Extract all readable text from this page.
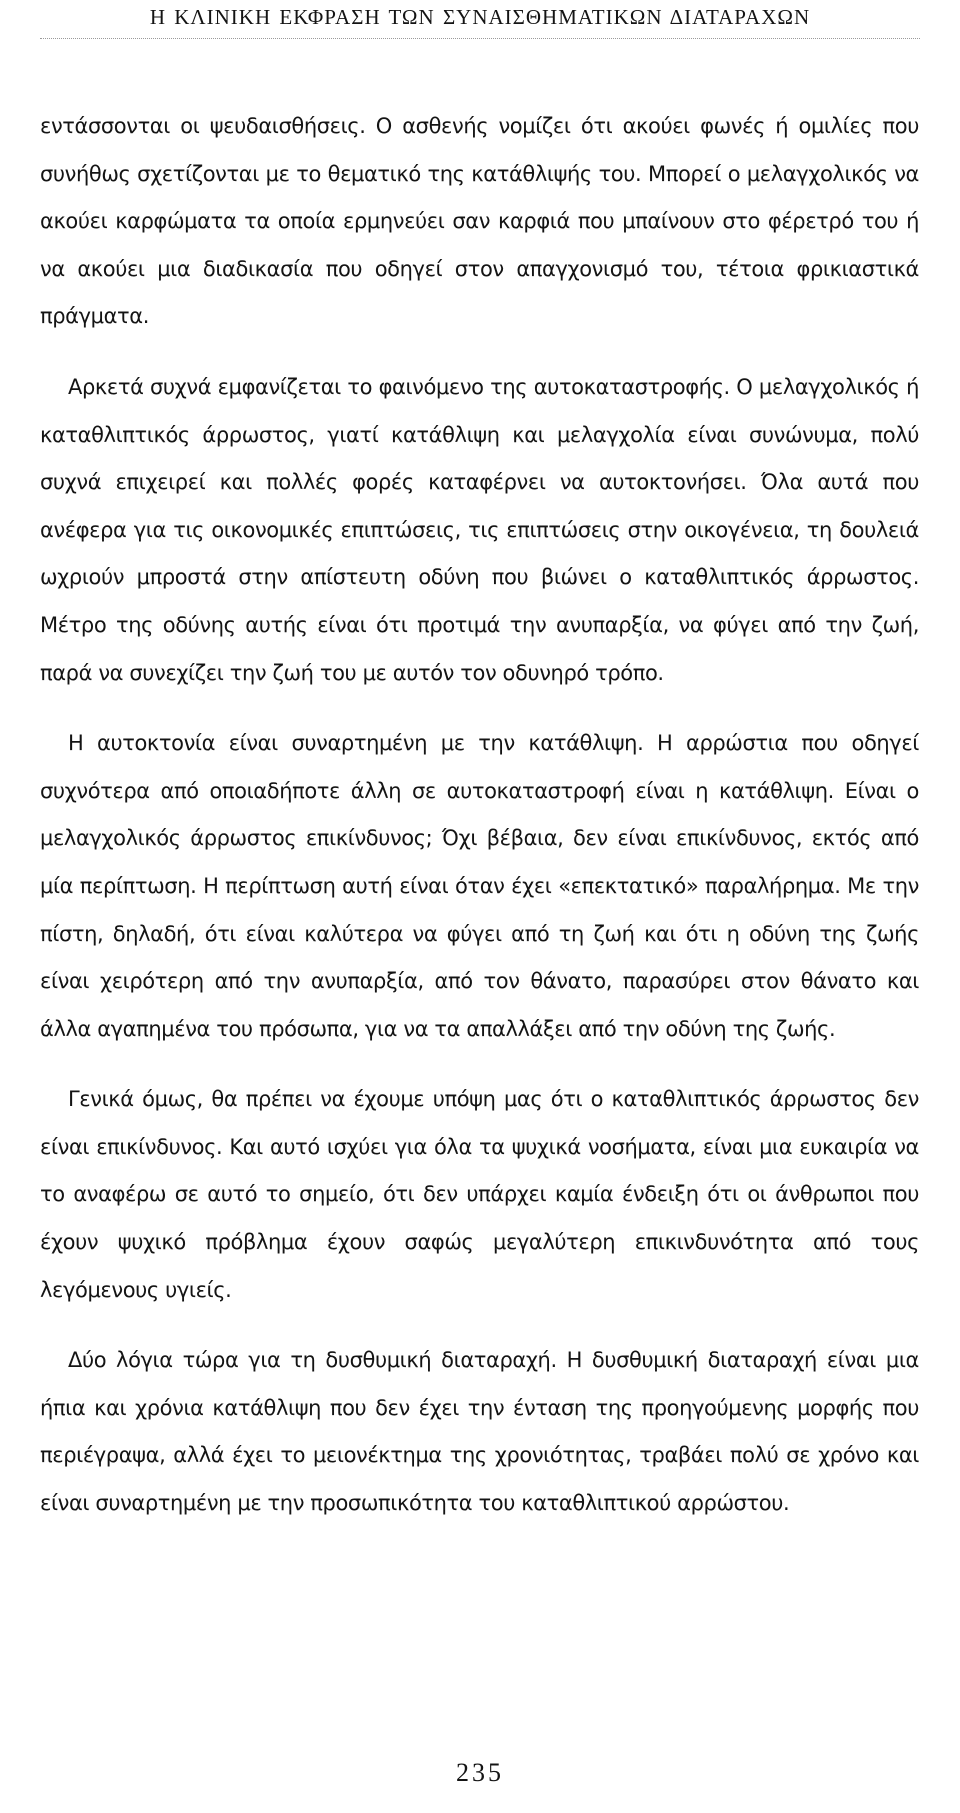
Η ΚΛΙΝΙΚΗ ΕΚΦΡΑΣΗ ΤΩΝ ΣΥΝΑΙΣΘΗΜΑΤΙΚΩΝ ΔΙΑΤΑΡΑΧΩΝ

εντάσσονται οι ψευδαισθήσεις. Ο ασθενής νομίζει ότι ακούει φωνές ή ομιλίες που συνήθως σχετίζονται με το θεματικό της κατάθλιψής του. Μπορεί ο μελαγχολικός να ακούει καρφώματα τα οποία ερμηνεύει σαν καρφιά που μπαίνουν στο φέρετρό του ή να ακούει μια διαδικασία που οδηγεί στον απαγχονισμό του, τέτοια φρικιαστικά πράγματα.

Αρκετά συχνά εμφανίζεται το φαινόμενο της αυτοκαταστροφής. Ο μελαγχολικός ή καταθλιπτικός άρρωστος, γιατί κατάθλιψη και μελαγχολία είναι συνώνυμα, πολύ συχνά επιχειρεί και πολλές φορές καταφέρνει να αυτοκτονήσει. Όλα αυτά που ανέφερα για τις οικονομικές επιπτώσεις, τις επιπτώσεις στην οικογένεια, τη δουλειά ωχριούν μπροστά στην απίστευτη οδύνη που βιώνει ο καταθλιπτικός άρρωστος. Μέτρο της οδύνης αυτής είναι ότι προτιμά την ανυπαρξία, να φύγει από την ζωή, παρά να συνεχίζει την ζωή του με αυτόν τον οδυνηρό τρόπο.

Η αυτοκτονία είναι συναρτημένη με την κατάθλιψη. Η αρρώστια που οδηγεί συχνότερα από οποιαδήποτε άλλη σε αυτοκαταστροφή είναι η κατάθλιψη. Είναι ο μελαγχολικός άρρωστος επικίνδυνος; Όχι βέβαια, δεν είναι επικίνδυνος, εκτός από μία περίπτωση. Η περίπτωση αυτή είναι όταν έχει «επεκτατικό» παραλήρημα. Με την πίστη, δηλαδή, ότι είναι καλύτερα να φύγει από τη ζωή και ότι η οδύνη της ζωής είναι χειρότερη από την ανυπαρξία, από τον θάνατο, παρασύρει στον θάνατο και άλλα αγαπημένα του πρόσωπα, για να τα απαλλάξει από την οδύνη της ζωής.

Γενικά όμως, θα πρέπει να έχουμε υπόψη μας ότι ο καταθλιπτικός άρρωστος δεν είναι επικίνδυνος. Και αυτό ισχύει για όλα τα ψυχικά νοσήματα, είναι μια ευκαιρία να το αναφέρω σε αυτό το σημείο, ότι δεν υπάρχει καμία ένδειξη ότι οι άνθρωποι που έχουν ψυχικό πρόβλημα έχουν σαφώς μεγαλύτερη επικινδυνότητα από τους λεγόμενους υγιείς.

Δύο λόγια τώρα για τη δυσθυμική διαταραχή. Η δυσθυμική διαταραχή είναι μια ήπια και χρόνια κατάθλιψη που δεν έχει την ένταση της προηγούμενης μορφής που περιέγραψα, αλλά έχει το μειονέκτημα της χρονιότητας, τραβάει πολύ σε χρόνο και είναι συναρτημένη με την προσωπικότητα του καταθλιπτικού αρρώστου.

235
